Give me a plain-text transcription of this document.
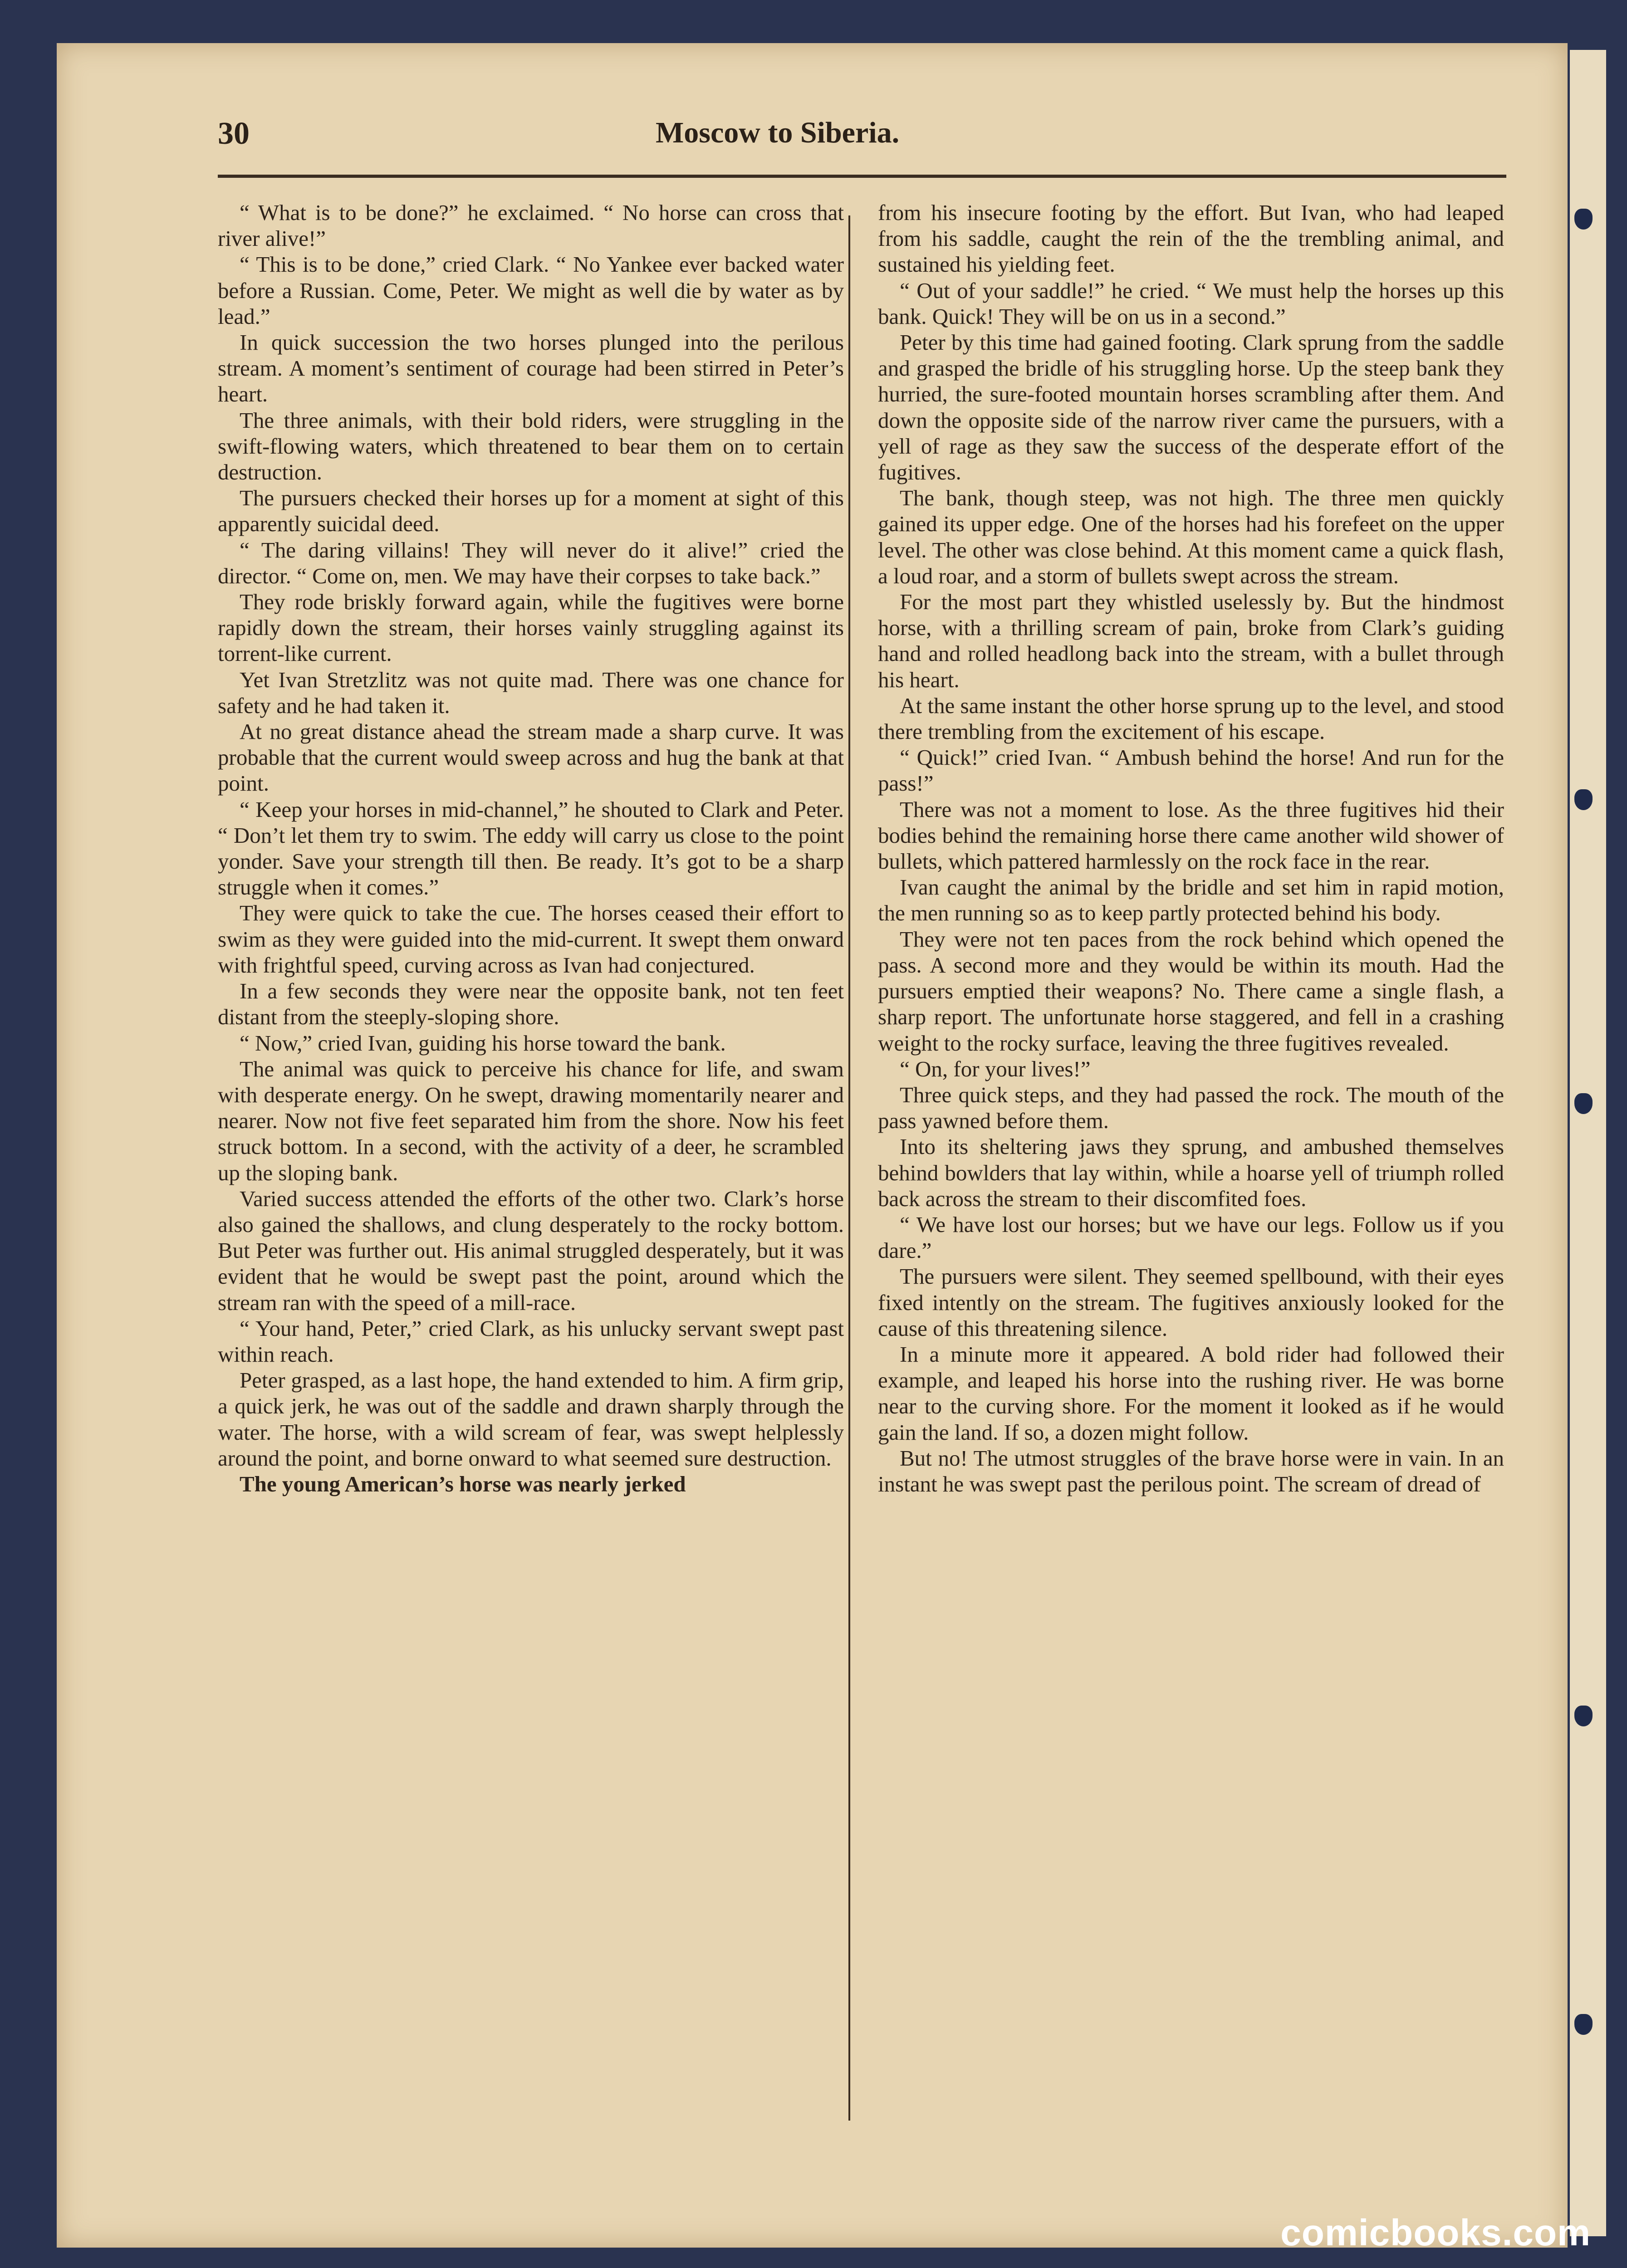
30	Moscow to Siberia.

“ What is to be done?” he exclaimed. “ No horse can cross that river alive!”

“ This is to be done,” cried Clark. “ No Yankee ever backed water before a Russian. Come, Peter. We might as well die by water as by lead.”

In quick succession the two horses plunged into the perilous stream. A moment’s sentiment of courage had been stirred in Peter’s heart.

The three animals, with their bold riders, were struggling in the swift-flowing waters, which threatened to bear them on to certain destruction.

The pursuers checked their horses up for a moment at sight of this apparently suicidal deed.

“ The daring villains! They will never do it alive!” cried the director. “ Come on, men. We may have their corpses to take back.”

They rode briskly forward again, while the fugitives were borne rapidly down the stream, their horses vainly struggling against its torrent-like current.

Yet Ivan Stretzlitz was not quite mad. There was one chance for safety and he had taken it.

At no great distance ahead the stream made a sharp curve. It was probable that the current would sweep across and hug the bank at that point.

“ Keep your horses in mid-channel,” he shouted to Clark and Peter. “ Don’t let them try to swim. The eddy will carry us close to the point yonder. Save your strength till then. Be ready. It’s got to be a sharp struggle when it comes.”

They were quick to take the cue. The horses ceased their effort to swim as they were guided into the mid-current. It swept them onward with frightful speed, curving across as Ivan had conjectured.

In a few seconds they were near the opposite bank, not ten feet distant from the steeply-sloping shore.

“ Now,” cried Ivan, guiding his horse toward the bank.

The animal was quick to perceive his chance for life, and swam with desperate energy. On he swept, drawing momentarily nearer and nearer. Now not five feet separated him from the shore. Now his feet struck bottom. In a second, with the activity of a deer, he scrambled up the sloping bank.

Varied success attended the efforts of the other two. Clark’s horse also gained the shallows, and clung desperately to the rocky bottom. But Peter was further out. His animal struggled desperately, but it was evident that he would be swept past the point, around which the stream ran with the speed of a mill-race.

“ Your hand, Peter,” cried Clark, as his unlucky servant swept past within reach.

Peter grasped, as a last hope, the hand extended to him. A firm grip, a quick jerk, he was out of the saddle and drawn sharply through the water. The horse, with a wild scream of fear, was swept helplessly around the point, and borne onward to what seemed sure destruction.

The young American’s horse was nearly jerked

from his insecure footing by the effort. But Ivan, who had leaped from his saddle, caught the rein of the the trembling animal, and sustained his yielding feet.

“ Out of your saddle!” he cried. “ We must help the horses up this bank. Quick! They will be on us in a second.”

Peter by this time had gained footing. Clark sprung from the saddle and grasped the bridle of his struggling horse. Up the steep bank they hurried, the sure-footed mountain horses scrambling after them. And down the opposite side of the narrow river came the pursuers, with a yell of rage as they saw the success of the desperate effort of the fugitives.

The bank, though steep, was not high. The three men quickly gained its upper edge. One of the horses had his forefeet on the upper level. The other was close behind. At this moment came a quick flash, a loud roar, and a storm of bullets swept across the stream.

For the most part they whistled uselessly by. But the hindmost horse, with a thrilling scream of pain, broke from Clark’s guiding hand and rolled headlong back into the stream, with a bullet through his heart.

At the same instant the other horse sprung up to the level, and stood there trembling from the excitement of his escape.

“ Quick!” cried Ivan. “ Ambush behind the horse! And run for the pass!”

There was not a moment to lose. As the three fugitives hid their bodies behind the remaining horse there came another wild shower of bullets, which pattered harmlessly on the rock face in the rear.

Ivan caught the animal by the bridle and set him in rapid motion, the men running so as to keep partly protected behind his body.

They were not ten paces from the rock behind which opened the pass. A second more and they would be within its mouth. Had the pursuers emptied their weapons? No. There came a single flash, a sharp report. The unfortunate horse staggered, and fell in a crashing weight to the rocky surface, leaving the three fugitives revealed.

“ On, for your lives!”

Three quick steps, and they had passed the rock. The mouth of the pass yawned before them.

Into its sheltering jaws they sprung, and ambushed themselves behind bowlders that lay within, while a hoarse yell of triumph rolled back across the stream to their discomfited foes.

“ We have lost our horses; but we have our legs. Follow us if you dare.”

The pursuers were silent. They seemed spellbound, with their eyes fixed intently on the stream. The fugitives anxiously looked for the cause of this threatening silence.

In a minute more it appeared. A bold rider had followed their example, and leaped his horse into the rushing river. He was borne near to the curving shore. For the moment it looked as if he would gain the land. If so, a dozen might follow.

But no! The utmost struggles of the brave horse were in vain. In an instant he was swept past the perilous point. The scream of dread of

comicbooks.com
